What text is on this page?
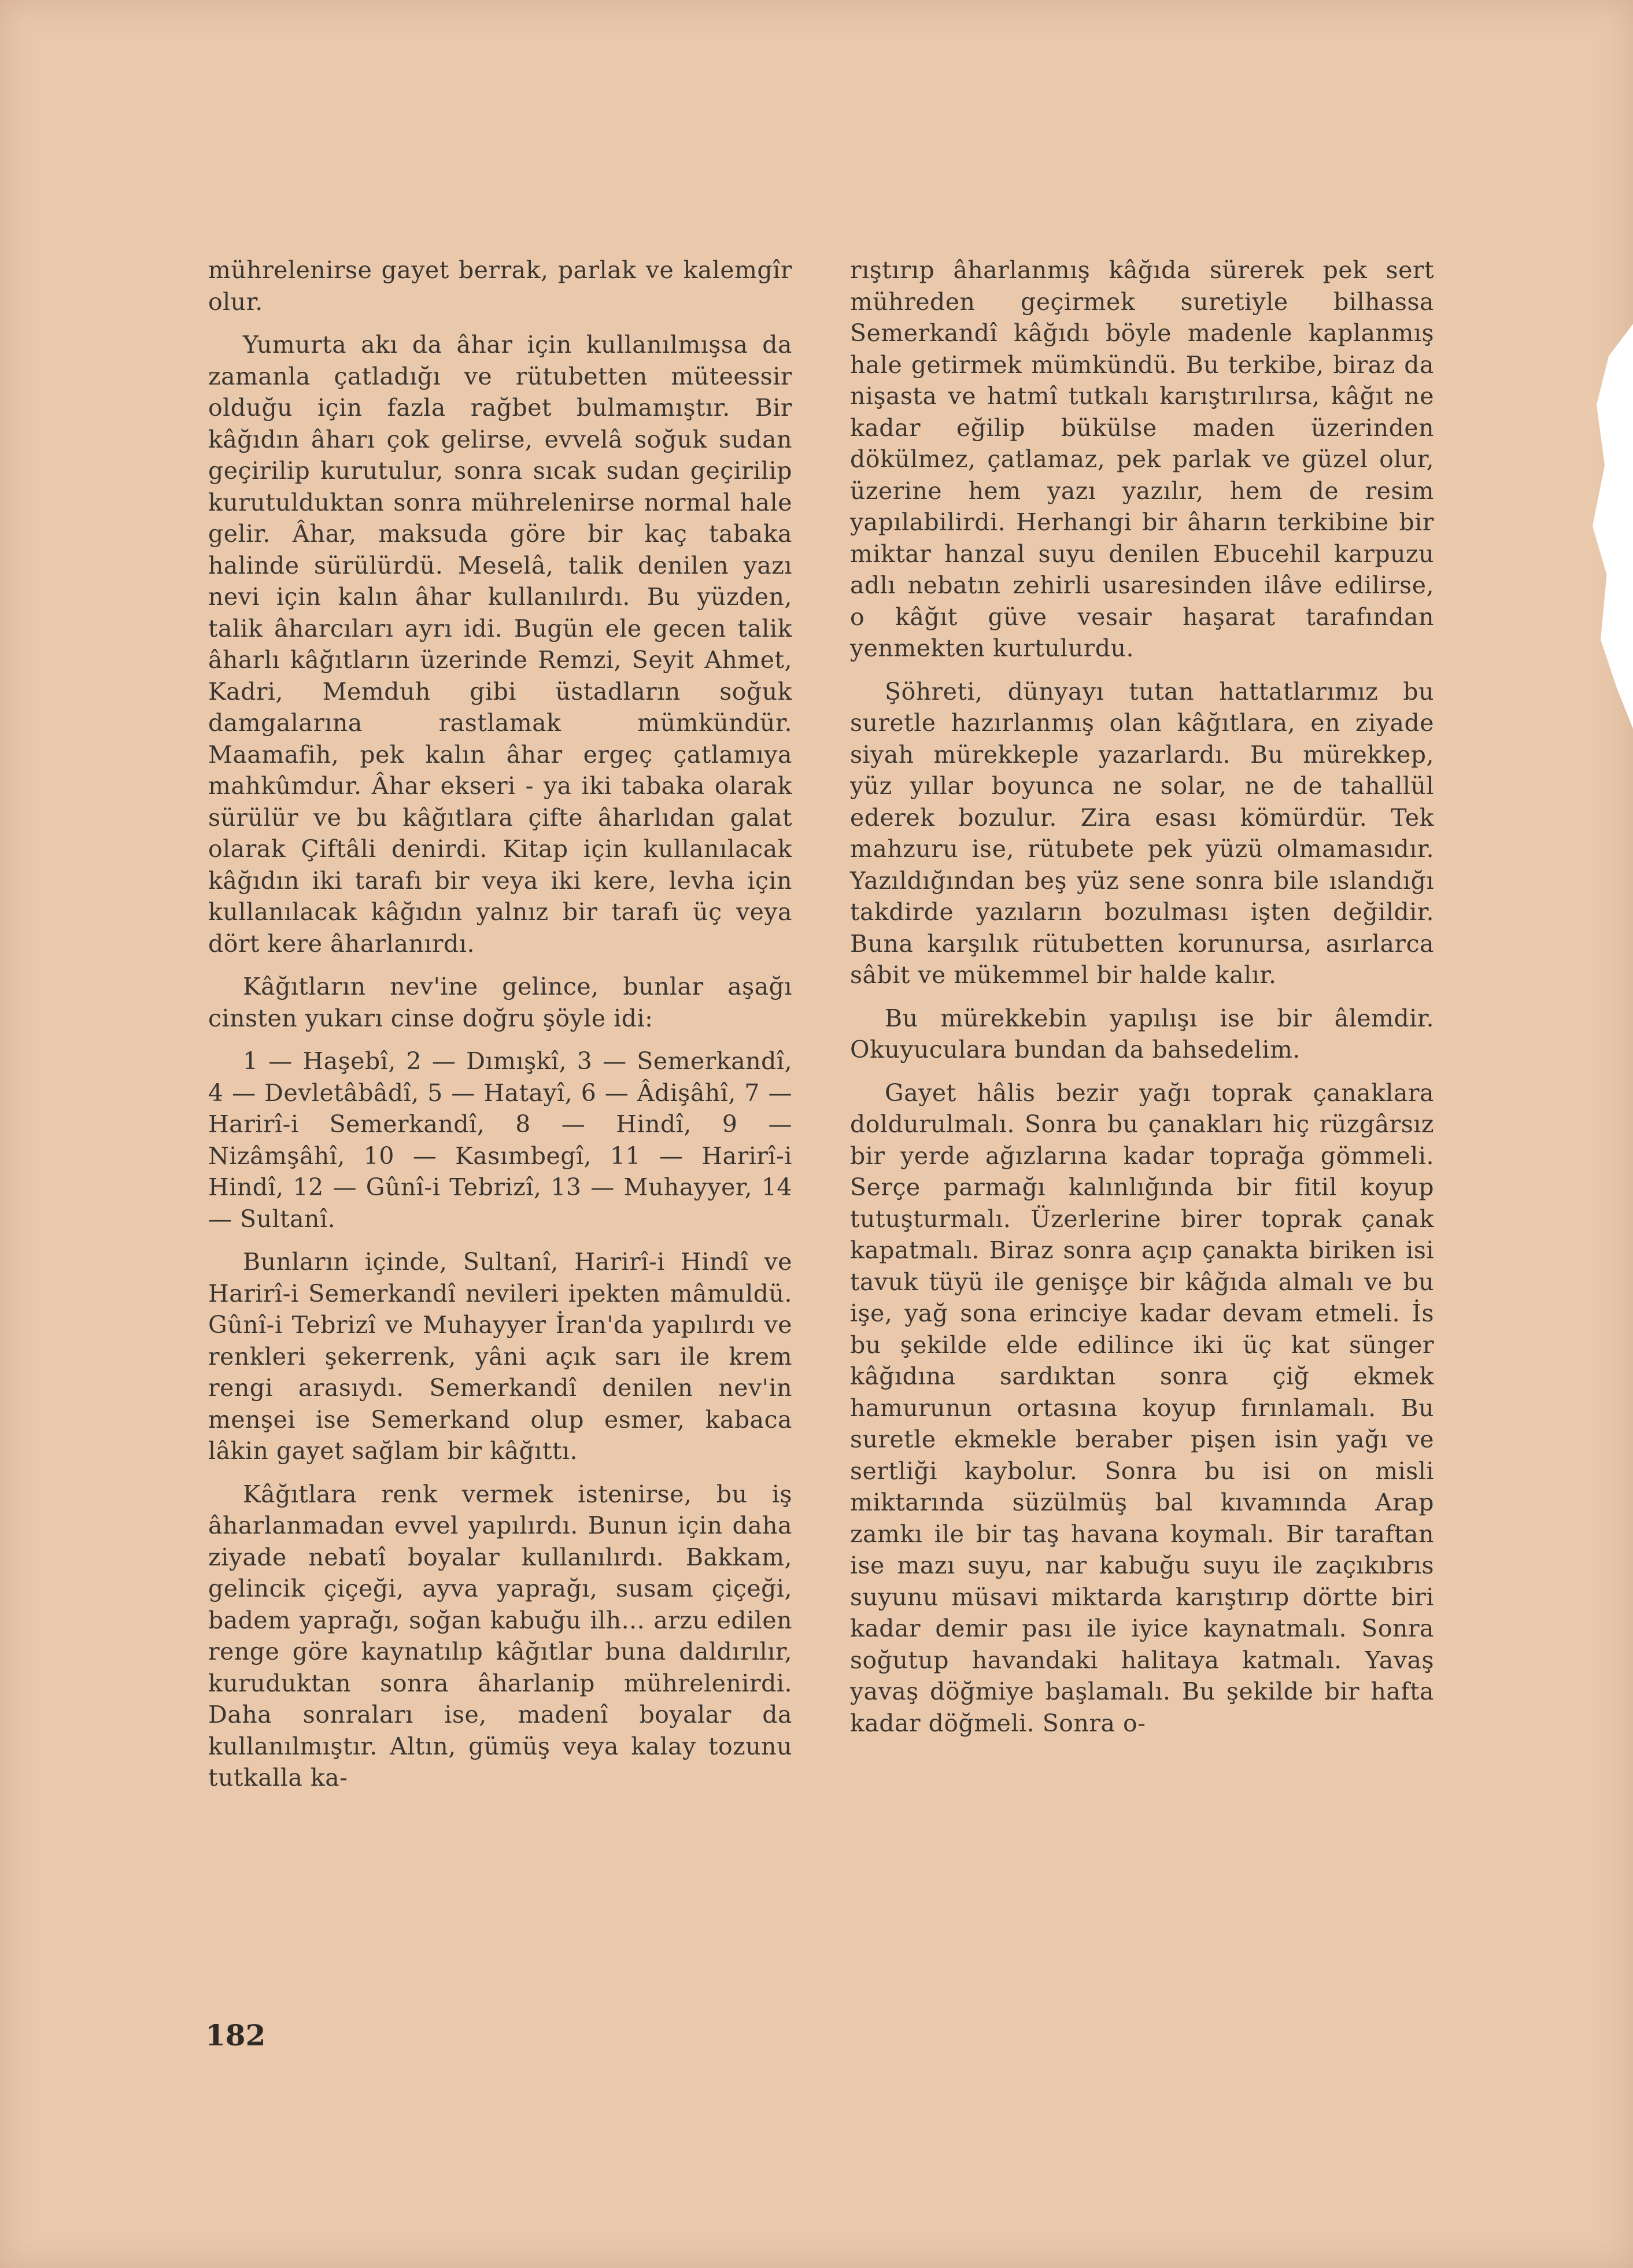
mührelenirse gayet berrak, parlak ve kalemgîr olur.

Yumurta akı da âhar için kullanılmışsa da zamanla çatladığı ve rütubetten müteessir olduğu için fazla rağbet bulmamıştır. Bir kâğıdın âharı çok gelirse, evvelâ soğuk sudan geçirilip kurutulur, sonra sıcak sudan geçirilip kurutulduktan sonra mührelenirse normal hale gelir. Âhar, maksuda göre bir kaç tabaka halinde sürülürdü. Meselâ, talik denilen yazı nevi için kalın âhar kullanılırdı. Bu yüzden, talik âharcıları ayrı idi. Bugün ele gecen talik âharlı kâğıtların üzerinde Remzi, Seyit Ahmet, Kadri, Memduh gibi üstadların soğuk damgalarına rastlamak mümkündür. Maamafih, pek kalın âhar ergeç çatlamıya mahkûmdur. Âhar ekseri - ya iki tabaka olarak sürülür ve bu kâğıtlara çifte âharlıdan galat olarak Çiftâli denirdi. Kitap için kullanılacak kâğıdın iki tarafı bir veya iki kere, levha için kullanılacak kâğıdın yalnız bir tarafı üç veya dört kere âharlanırdı.

Kâğıtların nev'ine gelince, bunlar aşağı cinsten yukarı cinse doğru şöyle idi:

1 — Haşebî, 2 — Dımışkî, 3 — Semerkandî, 4 — Devletâbâdî, 5 — Hatayî, 6 — Âdişâhî, 7 — Harirî-i Semerkandî, 8 — Hindî, 9 — Nizâmşâhî, 10 — Kasımbegî, 11 — Harirî-i Hindî, 12 — Gûnî-i Tebrizî, 13 — Muhayyer, 14 — Sultanî.

Bunların içinde, Sultanî, Harirî-i Hindî ve Harirî-i Semerkandî nevileri ipekten mâmuldü. Gûnî-i Tebrizî ve Muhayyer İran'da yapılırdı ve renkleri şekerrenk, yâni açık sarı ile krem rengi arasıydı. Semerkandî denilen nev'in menşei ise Semerkand olup esmer, kabaca lâkin gayet sağlam bir kâğıttı.

Kâğıtlara renk vermek istenirse, bu iş âharlanmadan evvel yapılırdı. Bunun için daha ziyade nebatî boyalar kullanılırdı. Bakkam, gelincik çiçeği, ayva yaprağı, susam çiçeği, badem yaprağı, soğan kabuğu ilh... arzu edilen renge göre kaynatılıp kâğıtlar buna daldırılır, kuruduktan sonra âharlanip mührelenirdi. Daha sonraları ise, madenî boyalar da kullanılmıştır. Altın, gümüş veya kalay tozunu tutkalla ka-

rıştırıp âharlanmış kâğıda sürerek pek sert mühreden geçirmek suretiyle bilhassa Semerkandî kâğıdı böyle madenle kaplanmış hale getirmek mümkündü. Bu terkibe, biraz da nişasta ve hatmî tutkalı karıştırılırsa, kâğıt ne kadar eğilip bükülse maden üzerinden dökülmez, çatlamaz, pek parlak ve güzel olur, üzerine hem yazı yazılır, hem de resim yapılabilirdi. Herhangi bir âharın terkibine bir miktar hanzal suyu denilen Ebucehil karpuzu adlı nebatın zehirli usaresinden ilâve edilirse, o kâğıt güve vesair haşarat tarafından yenmekten kurtulurdu.

Şöhreti, dünyayı tutan hattatlarımız bu suretle hazırlanmış olan kâğıtlara, en ziyade siyah mürekkeple yazarlardı. Bu mürekkep, yüz yıllar boyunca ne solar, ne de tahallül ederek bozulur. Zira esası kömürdür. Tek mahzuru ise, rütubete pek yüzü olmamasıdır. Yazıldığından beş yüz sene sonra bile ıslandığı takdirde yazıların bozulması işten değildir. Buna karşılık rütubetten korunursa, asırlarca sâbit ve mükemmel bir halde kalır.

Bu mürekkebin yapılışı ise bir âlemdir. Okuyuculara bundan da bahsedelim.

Gayet hâlis bezir yağı toprak çanaklara doldurulmalı. Sonra bu çanakları hiç rüzgârsız bir yerde ağızlarına kadar toprağa gömmeli. Serçe parmağı kalınlığında bir fitil koyup tutuşturmalı. Üzerlerine birer toprak çanak kapatmalı. Biraz sonra açıp çanakta biriken isi tavuk tüyü ile genişçe bir kâğıda almalı ve bu işe, yağ sona erinciye kadar devam etmeli. İs bu şekilde elde edilince iki üç kat sünger kâğıdına sardıktan sonra çiğ ekmek hamurunun ortasına koyup fırınlamalı. Bu suretle ekmekle beraber pişen isin yağı ve sertliği kaybolur. Sonra bu isi on misli miktarında süzülmüş bal kıvamında Arap zamkı ile bir taş havana koymalı. Bir taraftan ise mazı suyu, nar kabuğu suyu ile zaçıkıbrıs suyunu müsavi miktarda karıştırıp dörtte biri kadar demir pası ile iyice kaynatmalı. Sonra soğutup havandaki halitaya katmalı. Yavaş yavaş döğmiye başlamalı. Bu şekilde bir hafta kadar döğmeli. Sonra o-

182
